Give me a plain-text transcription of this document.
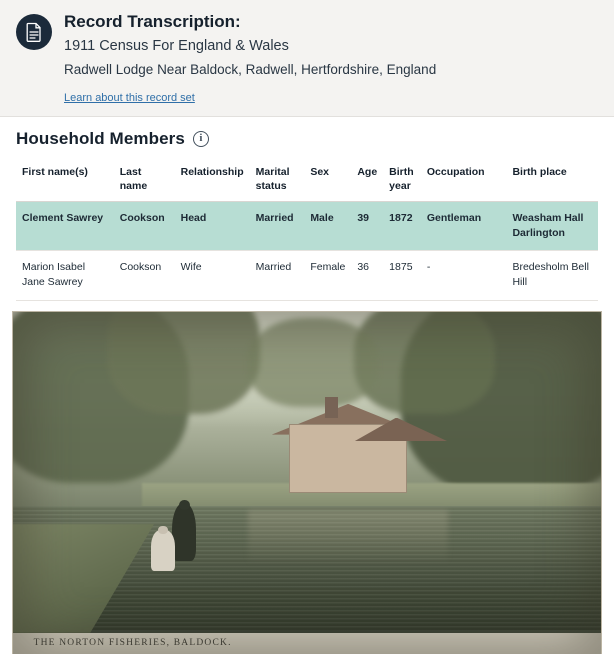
Record Transcription:
1911 Census For England & Wales
Radwell Lodge Near Baldock, Radwell, Hertfordshire, England
Learn about this record set
Household Members	i
First name(s)	Last name	Relationship	Marital status	Sex	Age	Birth year	Occupation	Birth place
Clement Sawrey	Cookson	Head	Married	Male	39	1872	Gentleman	Weasham Hall Darlington
Marion Isabel Jane Sawrey	Cookson	Wife	Married	Female	36	1875	-	Bredesholm Bell Hill
THE NORTON FISHERIES, BALDOCK.
